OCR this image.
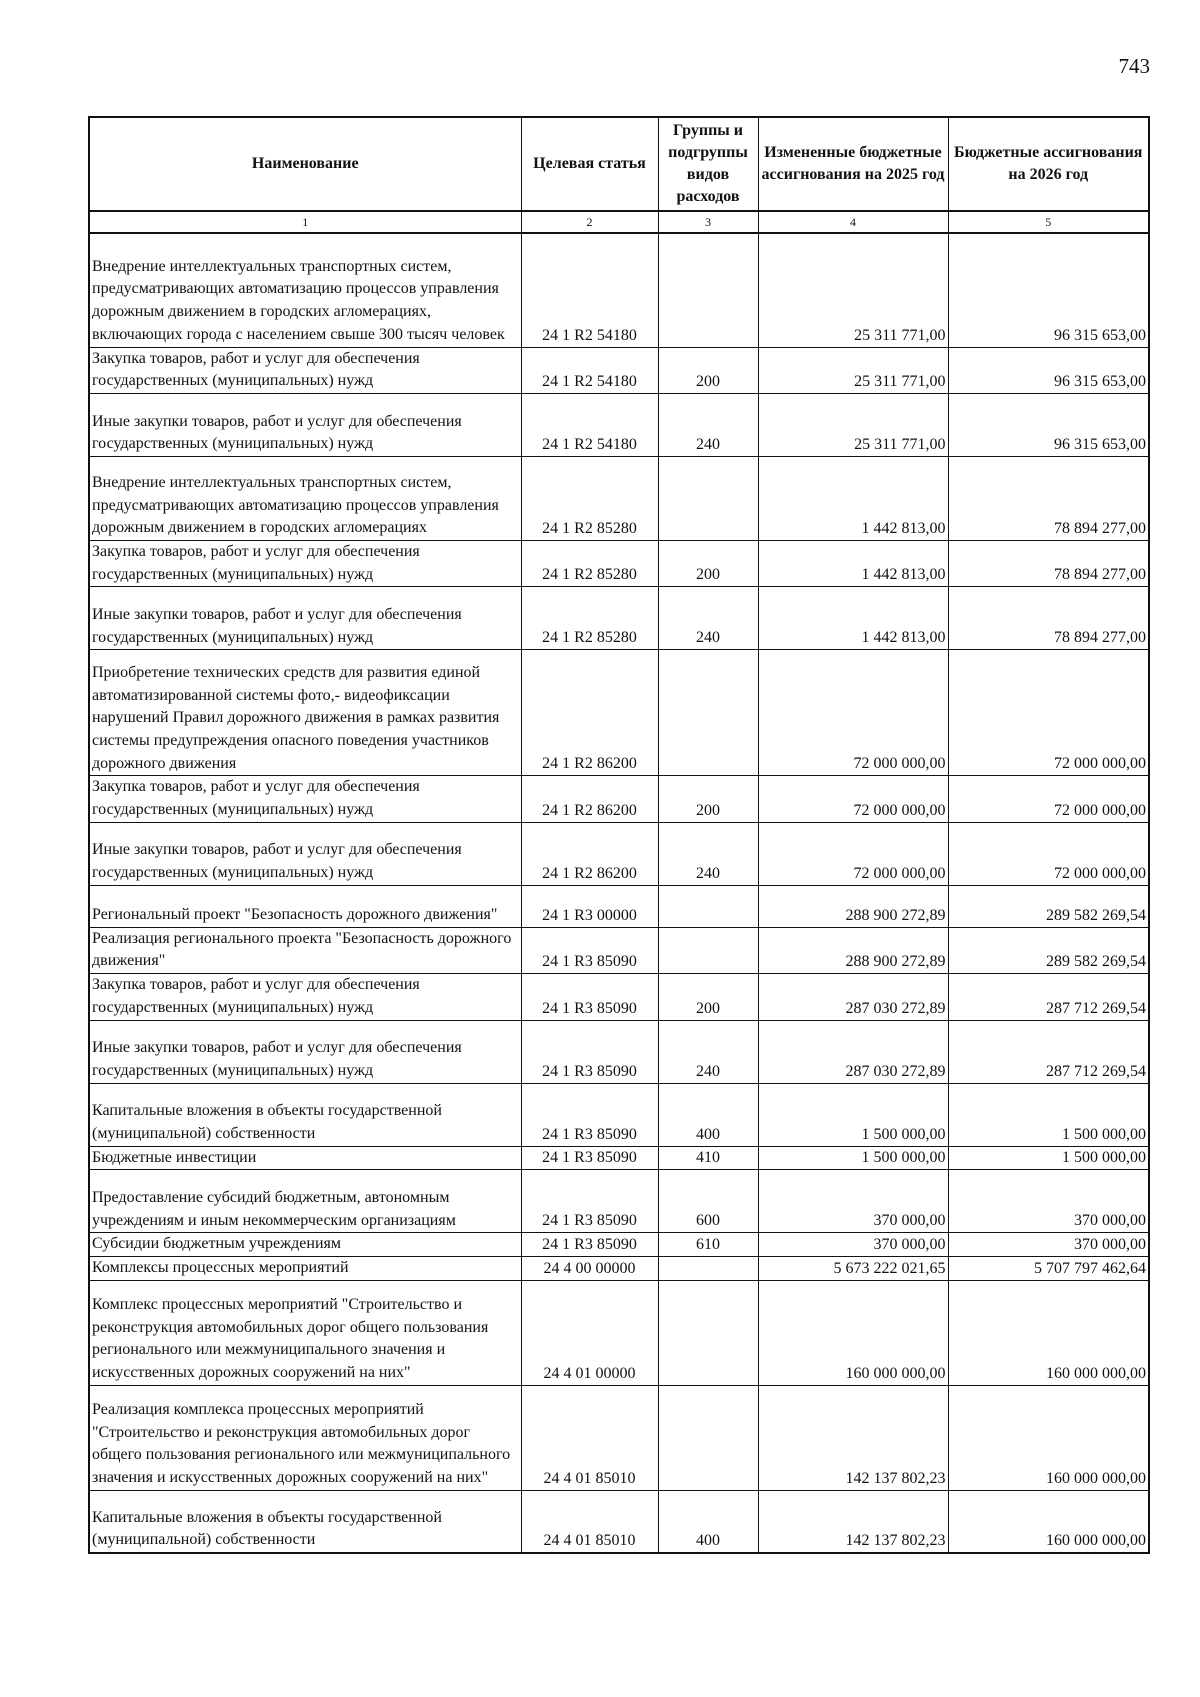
743
Наименование	Целевая статья	Группы и подгруппы видов расходов	Измененные бюджетные ассигнования на 2025 год	Бюджетные ассигнования на 2026 год
1	2	3	4	5
Внедрение интеллектуальных транспортных систем, предусматривающих автоматизацию процессов управления дорожным движением в городских агломерациях, включающих города с населением свыше 300 тысяч человек	24 1 R2 54180		25 311 771,00	96 315 653,00
Закупка товаров, работ и услуг для обеспечения государственных (муниципальных) нужд	24 1 R2 54180	200	25 311 771,00	96 315 653,00
Иные закупки товаров, работ и услуг для обеспечения государственных (муниципальных) нужд	24 1 R2 54180	240	25 311 771,00	96 315 653,00
Внедрение интеллектуальных транспортных систем, предусматривающих автоматизацию процессов управления дорожным движением в городских агломерациях	24 1 R2 85280		1 442 813,00	78 894 277,00
Закупка товаров, работ и услуг для обеспечения государственных (муниципальных) нужд	24 1 R2 85280	200	1 442 813,00	78 894 277,00
Иные закупки товаров, работ и услуг для обеспечения государственных (муниципальных) нужд	24 1 R2 85280	240	1 442 813,00	78 894 277,00
Приобретение технических средств для развития единой автоматизированной системы фото,- видеофиксации нарушений Правил дорожного движения в рамках развития системы предупреждения опасного поведения участников дорожного движения	24 1 R2 86200		72 000 000,00	72 000 000,00
Закупка товаров, работ и услуг для обеспечения государственных (муниципальных) нужд	24 1 R2 86200	200	72 000 000,00	72 000 000,00
Иные закупки товаров, работ и услуг для обеспечения государственных (муниципальных) нужд	24 1 R2 86200	240	72 000 000,00	72 000 000,00
Региональный проект "Безопасность дорожного движения"	24 1 R3 00000		288 900 272,89	289 582 269,54
Реализация регионального проекта "Безопасность дорожного движения"	24 1 R3 85090		288 900 272,89	289 582 269,54
Закупка товаров, работ и услуг для обеспечения государственных (муниципальных) нужд	24 1 R3 85090	200	287 030 272,89	287 712 269,54
Иные закупки товаров, работ и услуг для обеспечения государственных (муниципальных) нужд	24 1 R3 85090	240	287 030 272,89	287 712 269,54
Капитальные вложения в объекты государственной (муниципальной) собственности	24 1 R3 85090	400	1 500 000,00	1 500 000,00
Бюджетные инвестиции	24 1 R3 85090	410	1 500 000,00	1 500 000,00
Предоставление субсидий бюджетным, автономным учреждениям и иным некоммерческим организациям	24 1 R3 85090	600	370 000,00	370 000,00
Субсидии бюджетным учреждениям	24 1 R3 85090	610	370 000,00	370 000,00
Комплексы процессных мероприятий	24 4 00 00000		5 673 222 021,65	5 707 797 462,64
Комплекс процессных мероприятий "Строительство и реконструкция автомобильных дорог общего пользования регионального или межмуниципального значения и искусственных дорожных сооружений на них"	24 4 01 00000		160 000 000,00	160 000 000,00
Реализация комплекса процессных мероприятий "Строительство и реконструкция автомобильных дорог общего пользования регионального или межмуниципального значения и искусственных дорожных сооружений на них"	24 4 01 85010		142 137 802,23	160 000 000,00
Капитальные вложения в объекты государственной (муниципальной) собственности	24 4 01 85010	400	142 137 802,23	160 000 000,00
